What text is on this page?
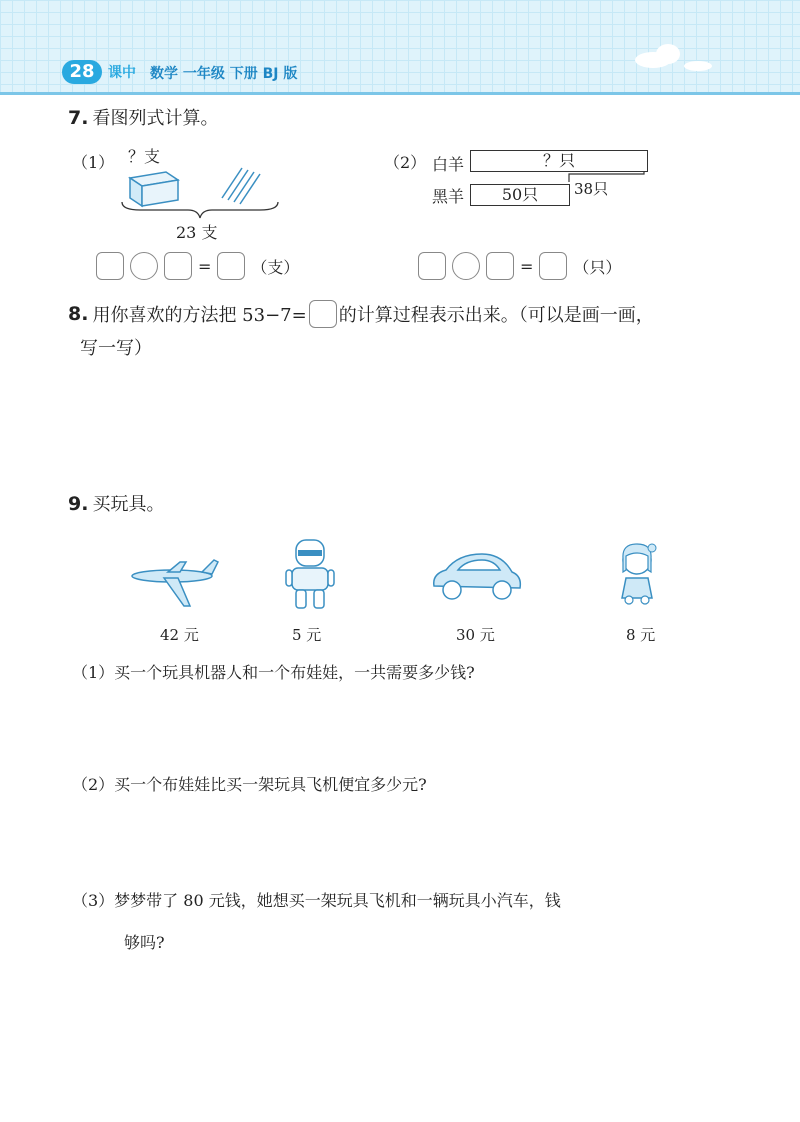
28 课中 数学 一年级 下册 BJ 版
7. 看图列式计算。
（1） ？支
23 支
=	（支）
（2） 白羊	？只
黑羊	50只	38只
=	（只）
8. 用你喜欢的方法把 53−7= 的计算过程表示出来。（可以是画一画，
写一写）
9. 买玩具。
42 元	5 元	30 元	8 元
（1）买一个玩具机器人和一个布娃娃，一共需要多少钱?
（2）买一个布娃娃比买一架玩具飞机便宜多少元?
（3）梦梦带了 80 元钱，她想买一架玩具飞机和一辆玩具小汽车，钱
够吗?
